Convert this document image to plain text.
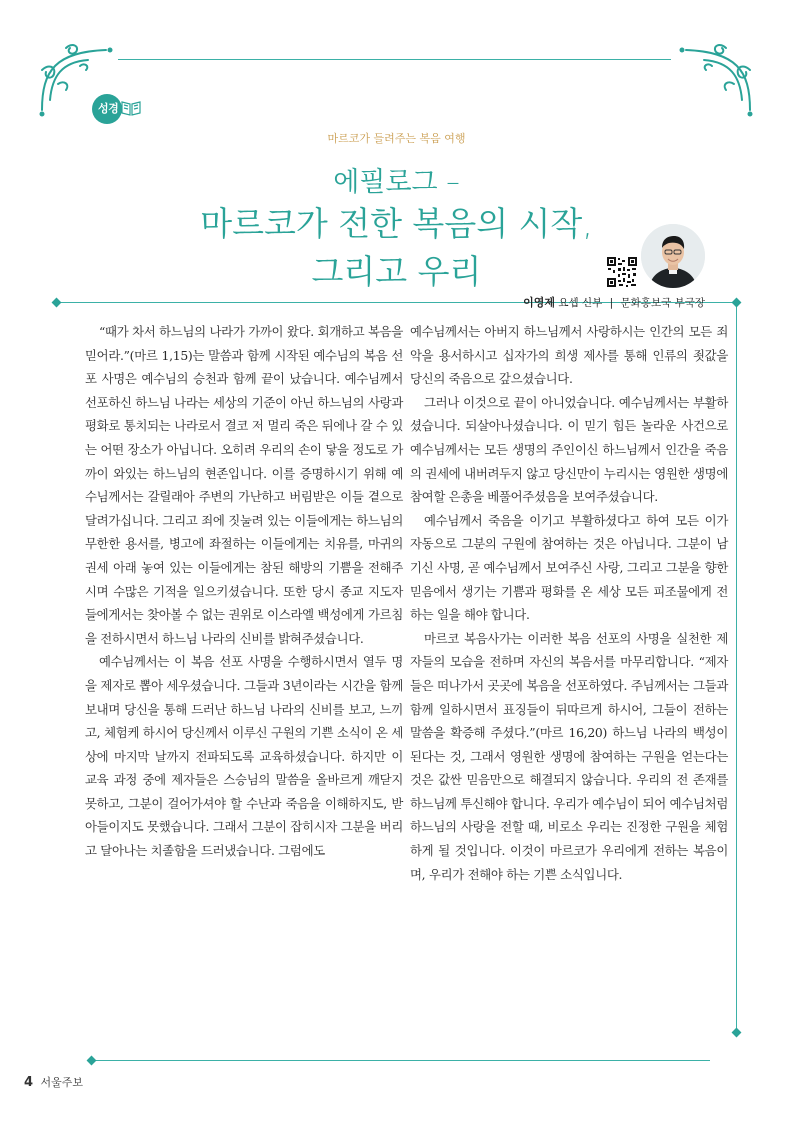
성경
마르코가 들려주는 복음 여행
에필로그 –
마르코가 전한 복음의 시작,
그리고 우리
이영제 요셉 신부 | 문화홍보국 부국장

“때가 차서 하느님의 나라가 가까이 왔다. 회개하고 복음을 믿어라.”(마르 1,15)는 말씀과 함께 시작된 예수님의 복음 선포 사명은 예수님의 승천과 함께 끝이 났습니다. 예수님께서 선포하신 하느님 나라는 세상의 기준이 아닌 하느님의 사랑과 평화로 통치되는 나라로서 결코 저 멀리 죽은 뒤에나 갈 수 있는 어떤 장소가 아닙니다. 오히려 우리의 손이 닿을 정도로 가까이 와있는 하느님의 현존입니다. 이를 증명하시기 위해 예수님께서는 갈릴래아 주변의 가난하고 버림받은 이들 곁으로 달려가십니다. 그리고 죄에 짓눌려 있는 이들에게는 하느님의 무한한 용서를, 병고에 좌절하는 이들에게는 치유를, 마귀의 권세 아래 놓여 있는 이들에게는 참된 해방의 기쁨을 전해주시며 수많은 기적을 일으키셨습니다. 또한 당시 종교 지도자들에게서는 찾아볼 수 없는 권위로 이스라엘 백성에게 가르침을 전하시면서 하느님 나라의 신비를 밝혀주셨습니다.

예수님께서는 이 복음 선포 사명을 수행하시면서 열두 명을 제자로 뽑아 세우셨습니다. 그들과 3년이라는 시간을 함께 보내며 당신을 통해 드러난 하느님 나라의 신비를 보고, 느끼고, 체험케 하시어 당신께서 이루신 구원의 기쁜 소식이 온 세상에 마지막 날까지 전파되도록 교육하셨습니다. 하지만 이 교육 과정 중에 제자들은 스승님의 말씀을 올바르게 깨닫지 못하고, 그분이 걸어가셔야 할 수난과 죽음을 이해하지도, 받아들이지도 못했습니다. 그래서 그분이 잡히시자 그분을 버리고 달아나는 치졸함을 드러냈습니다. 그럼에도

예수님께서는 아버지 하느님께서 사랑하시는 인간의 모든 죄악을 용서하시고 십자가의 희생 제사를 통해 인류의 죗값을 당신의 죽음으로 갚으셨습니다.

그러나 이것으로 끝이 아니었습니다. 예수님께서는 부활하셨습니다. 되살아나셨습니다. 이 믿기 힘든 놀라운 사건으로 예수님께서는 모든 생명의 주인이신 하느님께서 인간을 죽음의 권세에 내버려두지 않고 당신만이 누리시는 영원한 생명에 참여할 은총을 베풀어주셨음을 보여주셨습니다.

예수님께서 죽음을 이기고 부활하셨다고 하여 모든 이가 자동으로 그분의 구원에 참여하는 것은 아닙니다. 그분이 남기신 사명, 곧 예수님께서 보여주신 사랑, 그리고 그분을 향한 믿음에서 생기는 기쁨과 평화를 온 세상 모든 피조물에게 전하는 일을 해야 합니다.

마르코 복음사가는 이러한 복음 선포의 사명을 실천한 제자들의 모습을 전하며 자신의 복음서를 마무리합니다. “제자들은 떠나가서 곳곳에 복음을 선포하였다. 주님께서는 그들과 함께 일하시면서 표징들이 뒤따르게 하시어, 그들이 전하는 말씀을 확증해 주셨다.”(마르 16,20) 하느님 나라의 백성이 된다는 것, 그래서 영원한 생명에 참여하는 구원을 얻는다는 것은 값싼 믿음만으로 해결되지 않습니다. 우리의 전 존재를 하느님께 투신해야 합니다. 우리가 예수님이 되어 예수님처럼 하느님의 사랑을 전할 때, 비로소 우리는 진정한 구원을 체험하게 될 것입니다. 이것이 마르코가 우리에게 전하는 복음이며, 우리가 전해야 하는 기쁜 소식입니다.

4 서울주보
